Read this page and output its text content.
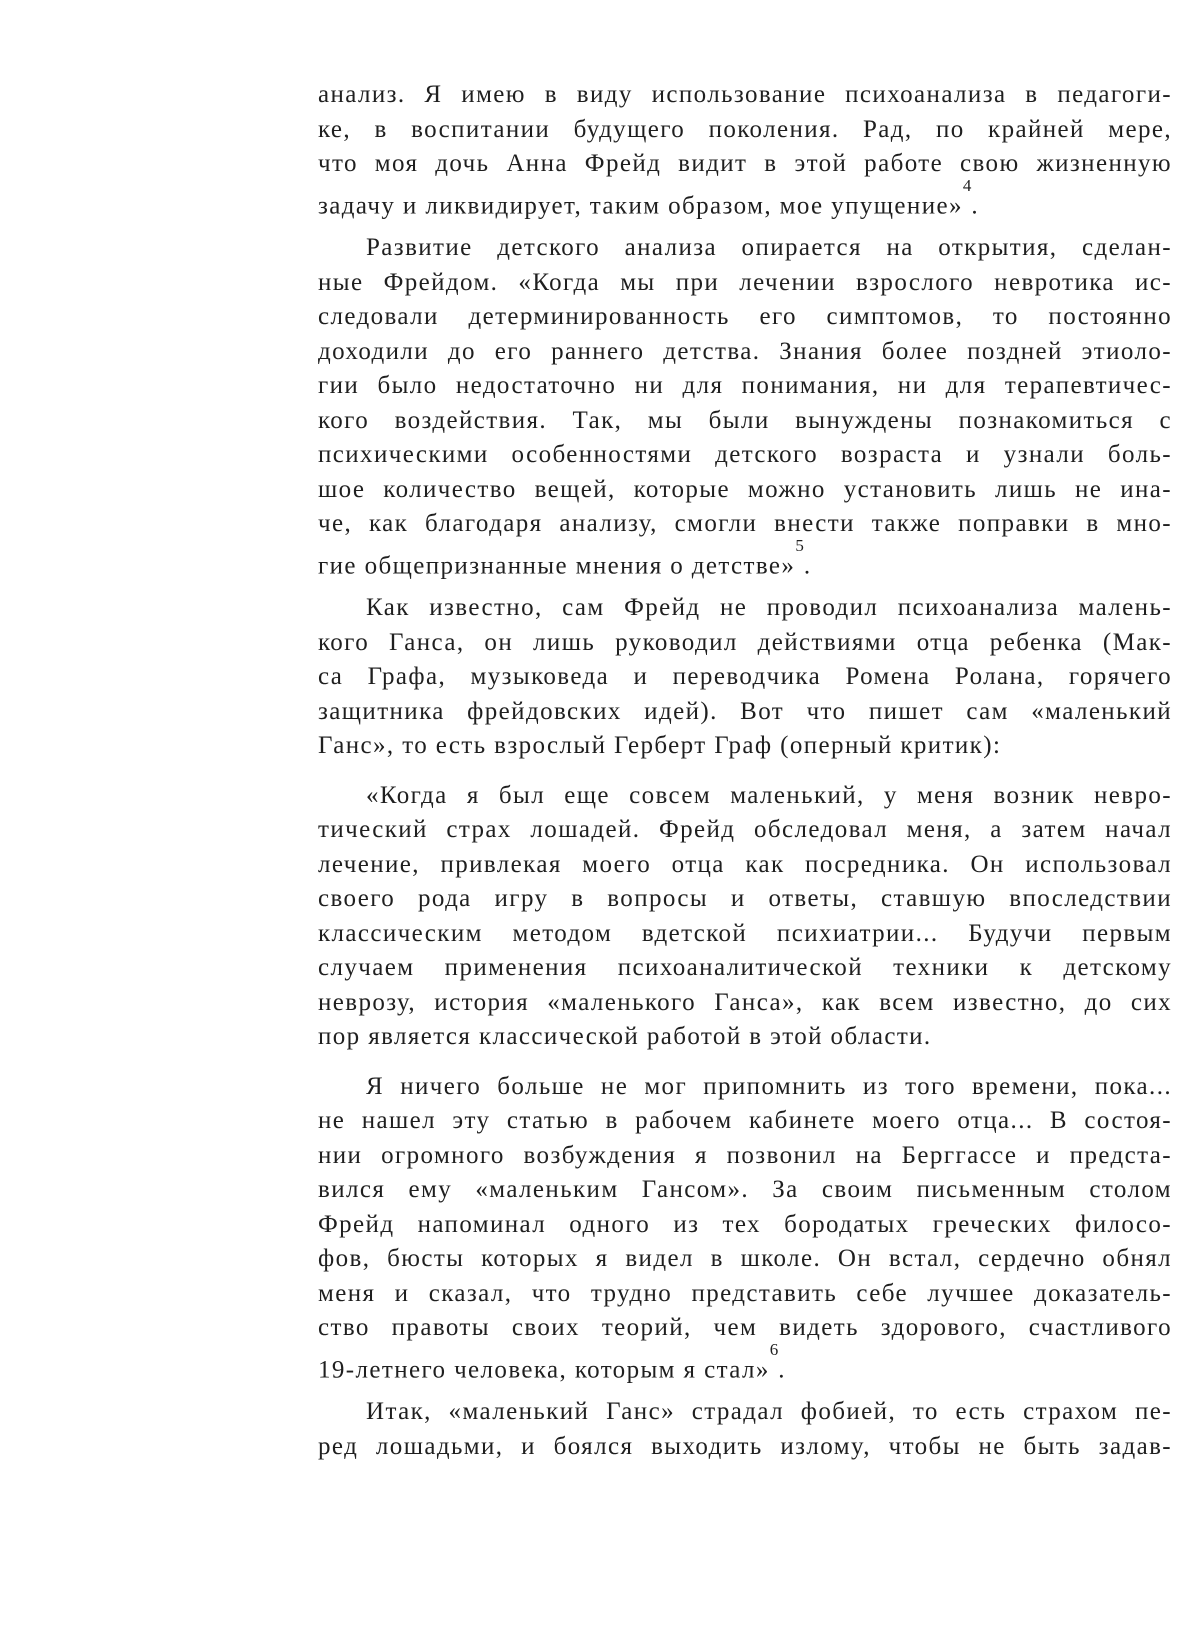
анализ. Я имею в виду использование психоанализа в педагоги-
ке, в воспитании будущего поколения. Рад, по крайней мере,
что моя дочь Анна Фрейд видит в этой работе свою жизненную
задачу и ликвидирует, таким образом, мое упущение»$^4$.

Развитие детского анализа опирается на открытия, сделан-
ные Фрейдом. «Когда мы при лечении взрослого невротика ис-
следовали детерминированность его симптомов, то постоянно
доходили до его раннего детства. Знания более поздней этиоло-
гии было недостаточно ни для понимания, ни для терапевтичес-
кого воздействия. Так, мы были вынуждены познакомиться с
психическими особенностями детского возраста и узнали боль-
шое количество вещей, которые можно установить лишь не ина-
че, как благодаря анализу, смогли внести также поправки в мно-
гие общепризнанные мнения о детстве»$^5$.

Как известно, сам Фрейд не проводил психоанализа малень-
кого Ганса, он лишь руководил действиями отца ребенка (Мак-
са Графа, музыковеда и переводчика Ромена Ролана, горячего
защитника фрейдовских идей). Вот что пишет сам «маленький
Ганс», то есть взрослый Герберт Граф (оперный критик):

«Когда я был еще совсем маленький, у меня возник невро-
тический страх лошадей. Фрейд обследовал меня, а затем начал
лечение, привлекая моего отца как посредника. Он использовал
своего рода игру в вопросы и ответы, ставшую впоследствии
классическим методом вдетской психиатрии... Будучи первым
случаем применения психоаналитической техники к детскому
неврозу, история «маленького Ганса», как всем известно, до сих
пор является классической работой в этой области.

Я ничего больше не мог припомнить из того времени, пока...
не нашел эту статью в рабочем кабинете моего отца... В состоя-
нии огромного возбуждения я позвонил на Берггассе и предста-
вился ему «маленьким Гансом». За своим письменным столом
Фрейд напоминал одного из тех бородатых греческих филосо-
фов, бюсты которых я видел в школе. Он встал, сердечно обнял
меня и сказал, что трудно представить себе лучшее доказатель-
ство правоты своих теорий, чем видеть здорового, счастливого
19-летнего человека, которым я стал»$^6$.

Итак, «маленький Ганс» страдал фобией, то есть страхом пе-
ред лошадьми, и боялся выходить изломy, чтобы не быть задав-
